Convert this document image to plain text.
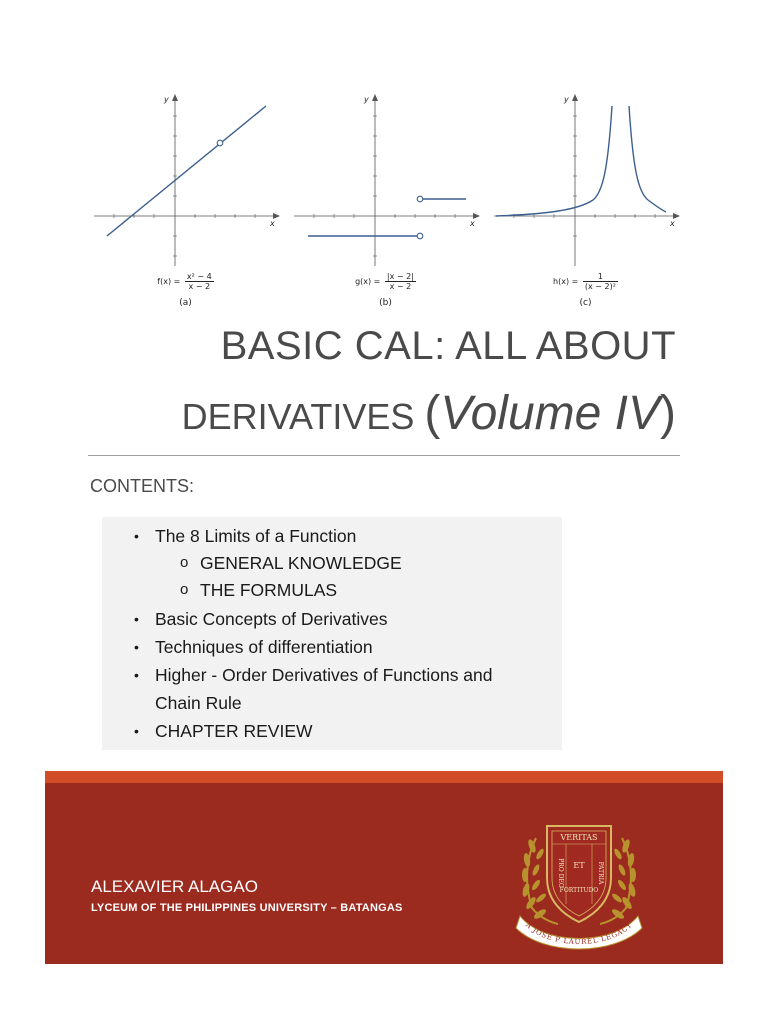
y
x
$f(x) = \frac{\text{x² − 4}}{x - 2}$
(a)
y
x
$g(x) = \frac{|x - 2|}{x - 2}$
(b)
y
x
$h(x) = \frac{1}{\text{(x − 2)²}}$
(c)
BASIC CAL: ALL ABOUT
DERIVATIVES (Volume IV)
CONTENTS:
• The 8 Limits of a Function
o GENERAL KNOWLEDGE
o THE FORMULAS
• Basic Concepts of Derivatives
• Techniques of differentiation
• Higher - Order Derivatives of Functions and
Chain Rule
• CHAPTER REVIEW
ALEXAVIER ALAGAO
LYCEUM OF THE PHILIPPINES UNIVERSITY – BATANGAS
VERITAS
ET
FORTITUDO
PRO DEO	PATRIA
A JOSE P LAUREL LEGACY
